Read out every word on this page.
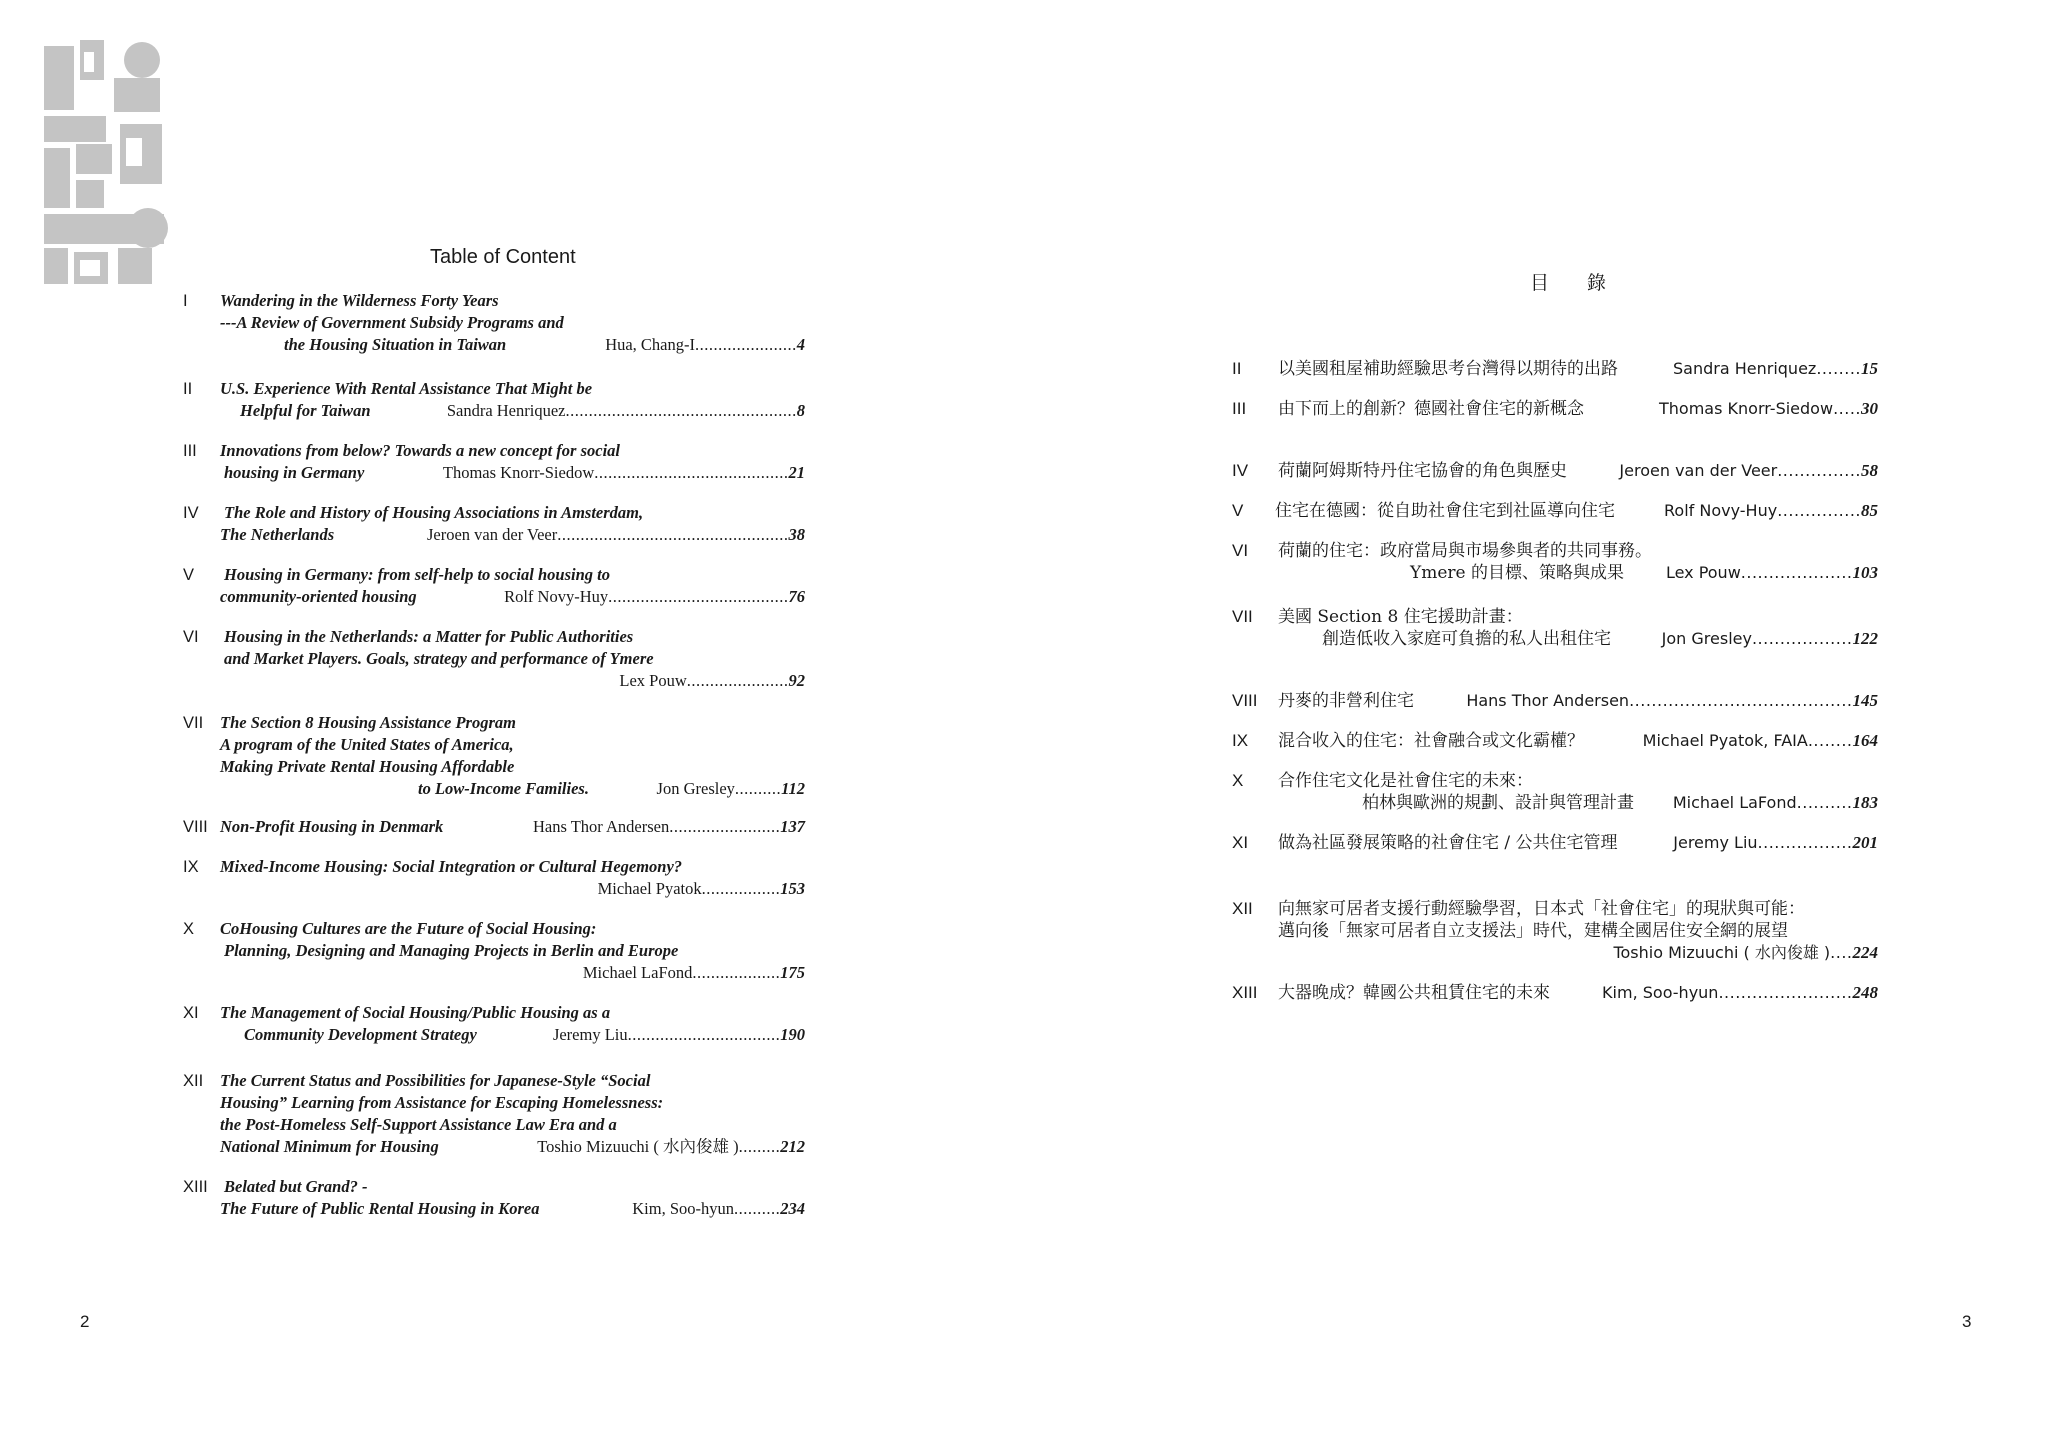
Table of Content
目 錄
I Wandering in the Wilderness Forty Years
---A Review of Government Subsidy Programs and
the Housing Situation in Taiwan	Hua, Chang-I......................4
II U.S. Experience With Rental Assistance That Might be
Helpful for Taiwan	Sandra Henriquez..................................................8
III Innovations from below? Towards a new concept for social
housing in Germany	Thomas Knorr-Siedow..........................................21
IV The Role and History of Housing Associations in Amsterdam,
The Netherlands	Jeroen van der Veer..................................................38
V Housing in Germany: from self-help to social housing to
community-oriented housing	Rolf Novy-Huy.......................................76
VI Housing in the Netherlands: a Matter for Public Authorities
and Market Players. Goals, strategy and performance of Ymere
Lex Pouw......................92
VII The Section 8 Housing Assistance Program
A program of the United States of America,
Making Private Rental Housing Affordable
to Low-Income Families.	Jon Gresley..........112
VIII Non-Profit Housing in Denmark	Hans Thor Andersen........................137
IX Mixed-Income Housing: Social Integration or Cultural Hegemony?
Michael Pyatok.................153
X CoHousing Cultures are the Future of Social Housing:
Planning, Designing and Managing Projects in Berlin and Europe
Michael LaFond...................175
XI The Management of Social Housing/Public Housing as a
Community Development Strategy	Jeremy Liu.................................190
XII The Current Status and Possibilities for Japanese-Style “Social
Housing” Learning from Assistance for Escaping Homelessness:
the Post-Homeless Self-Support Assistance Law Era and a
National Minimum for Housing	Toshio Mizuuchi ( 水內俊雄 ).........212
XIII Belated but Grand? -
The Future of Public Rental Housing in Korea	Kim, Soo-hyun..........234
II 以美國租屋補助經驗思考台灣得以期待的出路	Sandra Henriquez........15
III 由下而上的創新？德國社會住宅的新概念	Thomas Knorr-Siedow.....30
IV 荷蘭阿姆斯特丹住宅協會的角色與歷史	Jeroen van der Veer...............58
V 住宅在德國：從自助社會住宅到社區導向住宅	Rolf Novy-Huy...............85
VI 荷蘭的住宅：政府當局與市場參與者的共同事務。
Ymere 的目標、策略與成果	Lex Pouw....................103
VII 美國 Section 8 住宅援助計畫：
創造低收入家庭可負擔的私人出租住宅	Jon Gresley..................122
VIII 丹麥的非營利住宅	Hans Thor Andersen........................................145
IX 混合收入的住宅：社會融合或文化霸權？	Michael Pyatok, FAIA........164
X 合作住宅文化是社會住宅的未來：
柏林與歐洲的規劃、設計與管理計畫 Michael LaFond..........183
XI 做為社區發展策略的社會住宅 / 公共住宅管理	Jeremy Liu.................201
XII 向無家可居者支援行動經驗學習，日本式「社會住宅」的現狀與可能：
邁向後「無家可居者自立支援法」時代，建構全國居住安全網的展望
Toshio Mizuuchi ( 水內俊雄 )....224
XIII 大器晚成？韓國公共租賃住宅的未來	Kim, Soo-hyun........................248
2	3
